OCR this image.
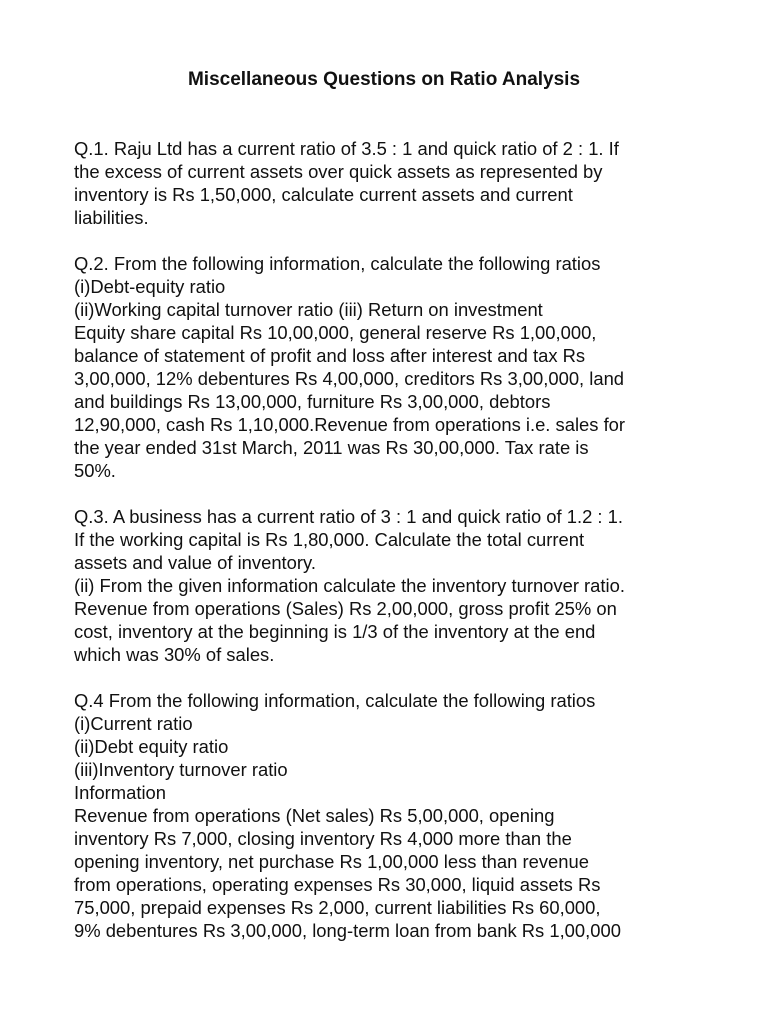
Miscellaneous Questions on Ratio Analysis
Q.1. Raju Ltd has a current ratio of 3.5 : 1 and quick ratio of 2 : 1. If
the excess of current assets over quick assets as represented by
inventory is Rs 1,50,000, calculate current assets and current
liabilities.
Q.2. From the following information, calculate the following ratios
(i)Debt-equity ratio
(ii)Working capital turnover ratio (iii) Return on investment
Equity share capital Rs 10,00,000, general reserve Rs 1,00,000,
balance of statement of profit and loss after interest and tax Rs
3,00,000, 12% debentures Rs 4,00,000, creditors Rs 3,00,000, land
and buildings Rs 13,00,000, furniture Rs 3,00,000, debtors
12,90,000, cash Rs 1,10,000.Revenue from operations i.e. sales for
the year ended 31st March, 2011 was Rs 30,00,000. Tax rate is
50%.
Q.3. A business has a current ratio of 3 : 1 and quick ratio of 1.2 : 1.
If the working capital is Rs 1,80,000. Calculate the total current
assets and value of inventory.
(ii) From the given information calculate the inventory turnover ratio.
Revenue from operations (Sales) Rs 2,00,000, gross profit 25% on
cost, inventory at the beginning is 1/3 of the inventory at the end
which was 30% of sales.
Q.4 From the following information, calculate the following ratios
(i)Current ratio
(ii)Debt equity ratio
(iii)Inventory turnover ratio
Information
Revenue from operations (Net sales) Rs 5,00,000, opening
inventory Rs 7,000, closing inventory Rs 4,000 more than the
opening inventory, net purchase Rs 1,00,000 less than revenue
from operations, operating expenses Rs 30,000, liquid assets Rs
75,000, prepaid expenses Rs 2,000, current liabilities Rs 60,000,
9% debentures Rs 3,00,000, long-term loan from bank Rs 1,00,000
